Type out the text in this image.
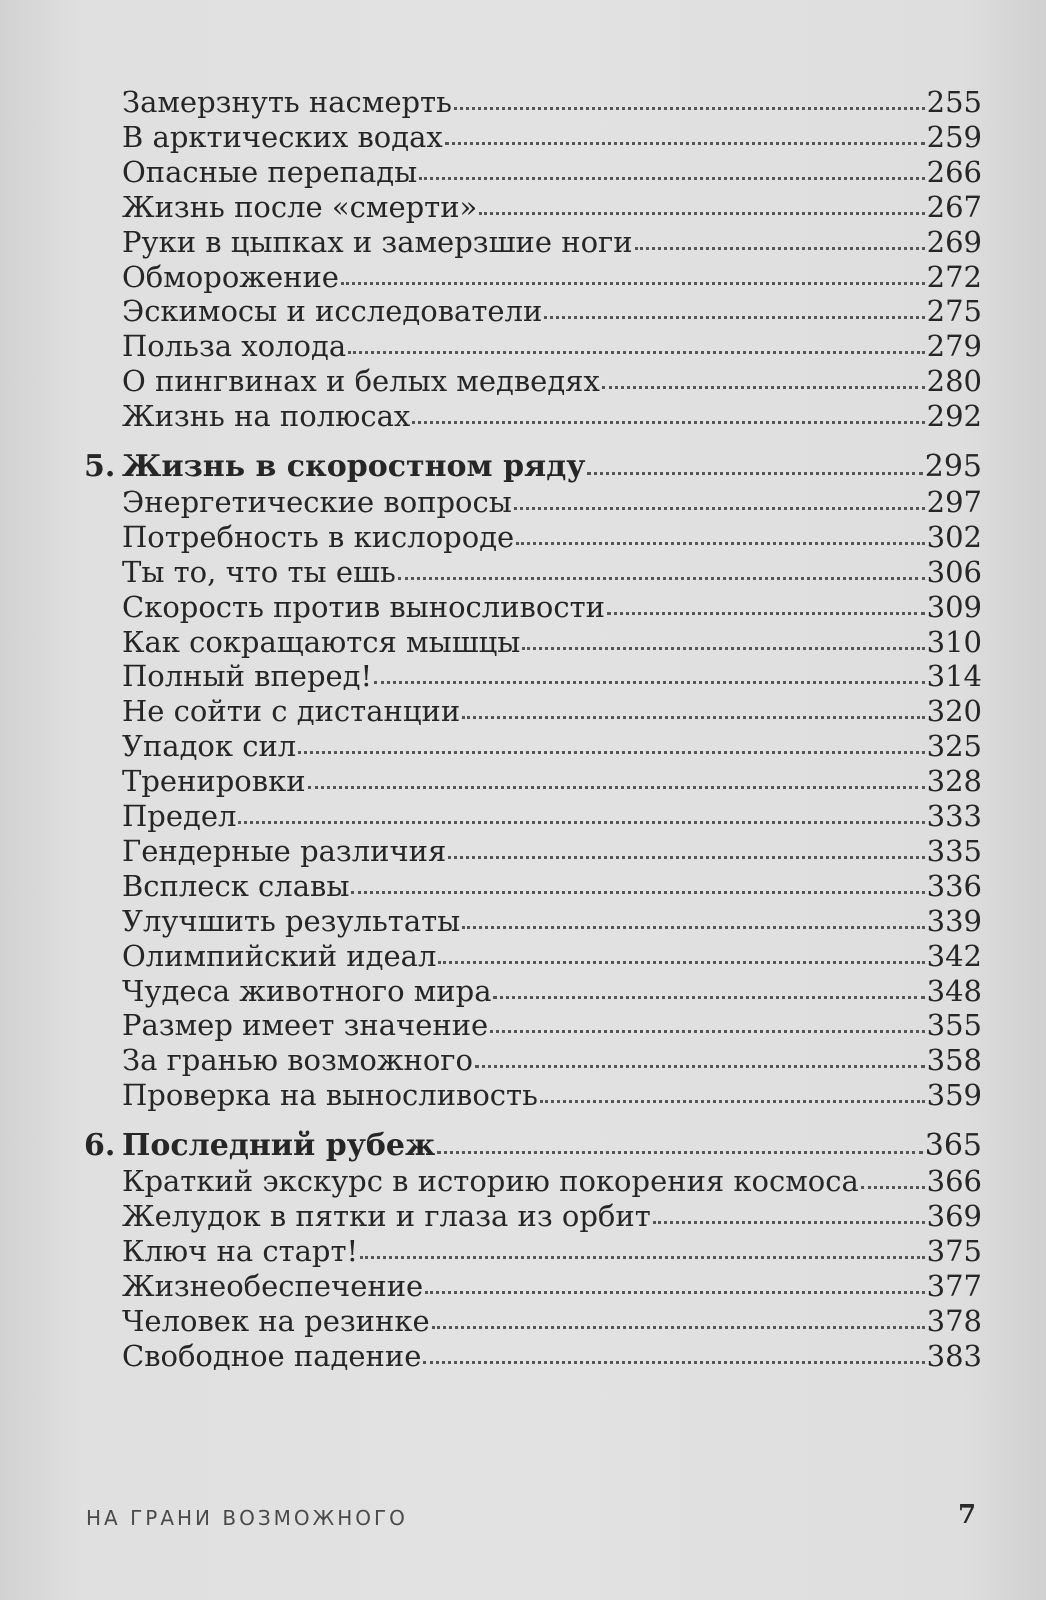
Замерзнуть насмерть	255
В арктических водах	259
Опасные перепады	266
Жизнь после «смерти»	267
Руки в цыпках и замерзшие ноги	269
Обморожение	272
Эскимосы и исследователи	275
Польза холода	279
О пингвинах и белых медведях	280
Жизнь на полюсах	292
5. Жизнь в скоростном ряду	295
Энергетические вопросы	297
Потребность в кислороде	302
Ты то, что ты ешь	306
Скорость против выносливости	309
Как сокращаются мышцы	310
Полный вперед!	314
Не сойти с дистанции	320
Упадок сил	325
Тренировки	328
Предел	333
Гендерные различия	335
Всплеск славы	336
Улучшить результаты	339
Олимпийский идеал	342
Чудеса животного мира	348
Размер имеет значение	355
За гранью возможного	358
Проверка на выносливость	359
6. Последний рубеж	365
Краткий экскурс в историю покорения космоса 366
Желудок в пятки и глаза из орбит	369
Ключ на старт!	375
Жизнеобеспечение	377
Человек на резинке	378
Свободное падение	383
НА ГРАНИ ВОЗМОЖНОГО	7
